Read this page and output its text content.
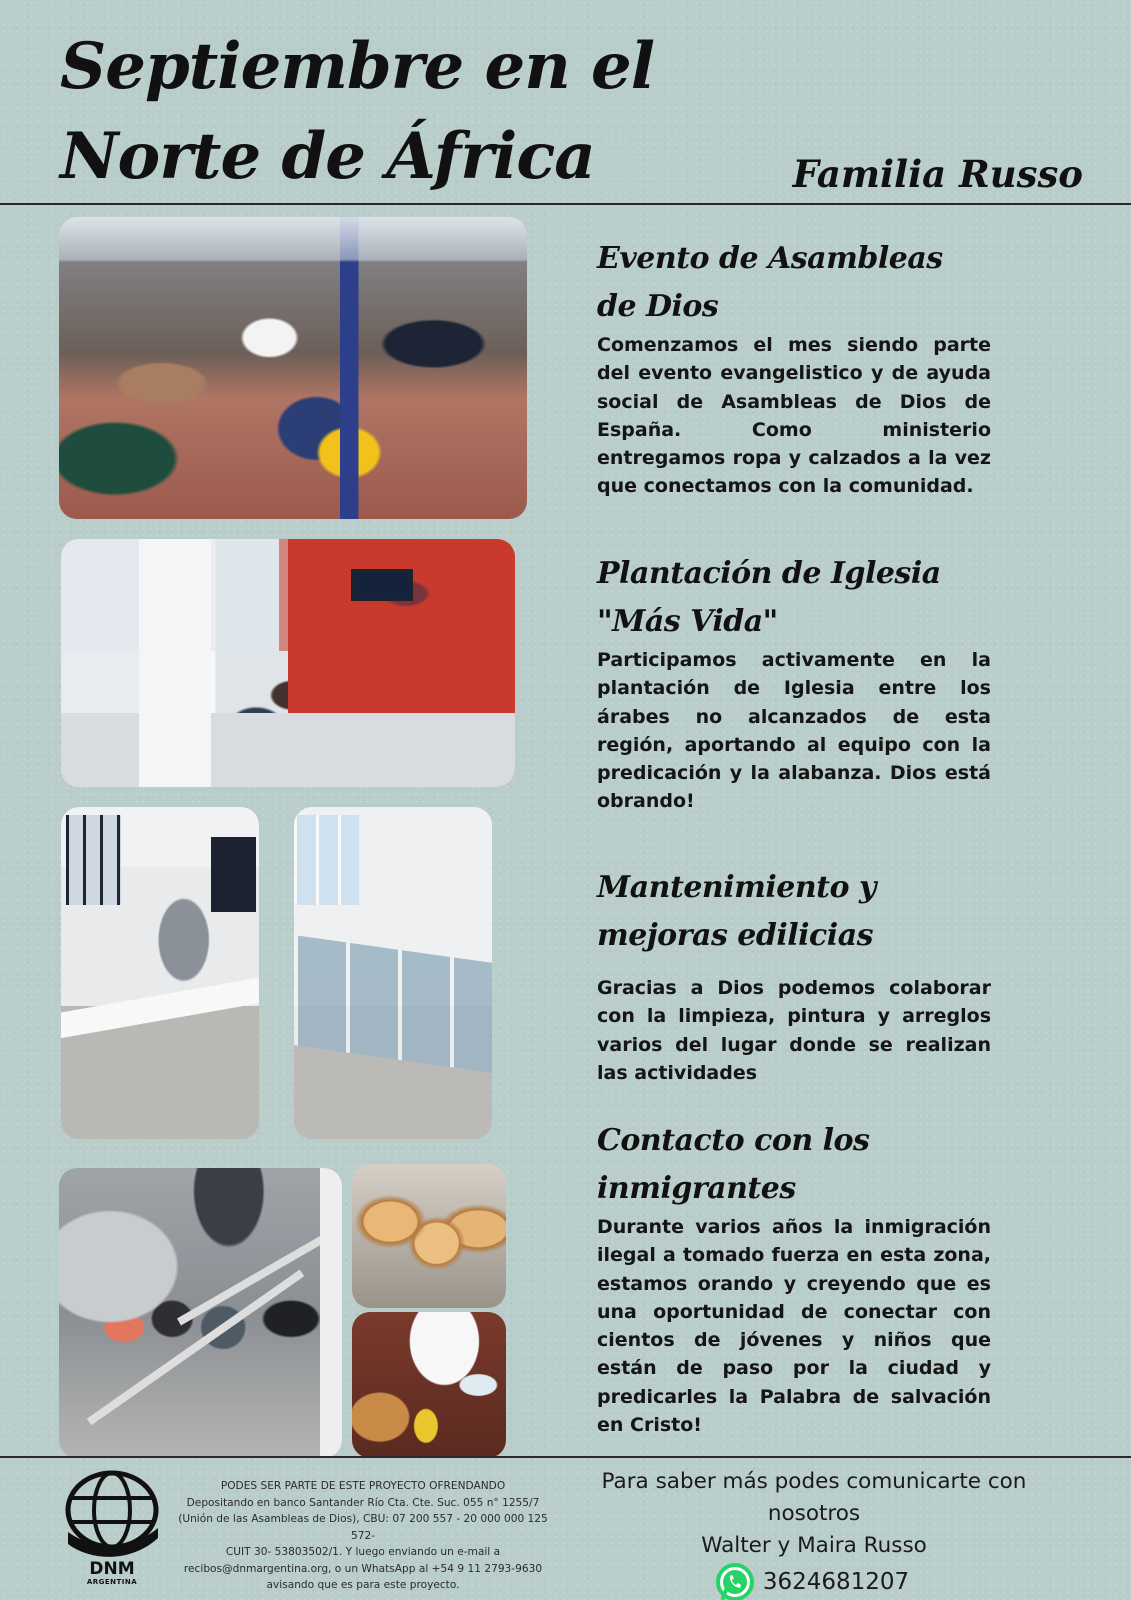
Septiembre en el
Norte de África	Familia Russo
Evento de Asambleas
de Dios

Comenzamos el mes siendo parte del evento evangelistico y de ayuda social de Asambleas de Dios de España. Como ministerio entregamos ropa y calzados a la vez que conectamos con la comunidad.

Plantación de Iglesia
"Más Vida"

Participamos activamente en la plantación de Iglesia entre los árabes no alcanzados de esta región, aportando al equipo con la predicación y la alabanza. Dios está obrando!

Mantenimiento y
mejoras edilicias

Gracias a Dios podemos colaborar con la limpieza, pintura y arreglos varios del lugar donde se realizan las actividades

Contacto con los
inmigrantes

Durante varios años la inmigración ilegal a tomado fuerza en esta zona, estamos orando y creyendo que es una oportunidad de conectar con cientos de jóvenes y niños que están de paso por la ciudad y predicarles la Palabra de salvación en Cristo!

DNM
ARGENTINA
PODES SER PARTE DE ESTE PROYECTO OFRENDANDO
Depositando en banco Santander Río Cta. Cte. Suc. 055 n° 1255/7
(Unión de las Asambleas de Dios), CBU: 07 200 557 - 20 000 000 125
572-
CUIT 30- 53803502/1. Y luego enviando un e-mail a
recibos@dnmargentina.org, o un WhatsApp al +54 9 11 2793-9630
avisando que es para este proyecto.
Para saber más podes comunicarte con
nosotros
Walter y Maira Russo
3624681207
